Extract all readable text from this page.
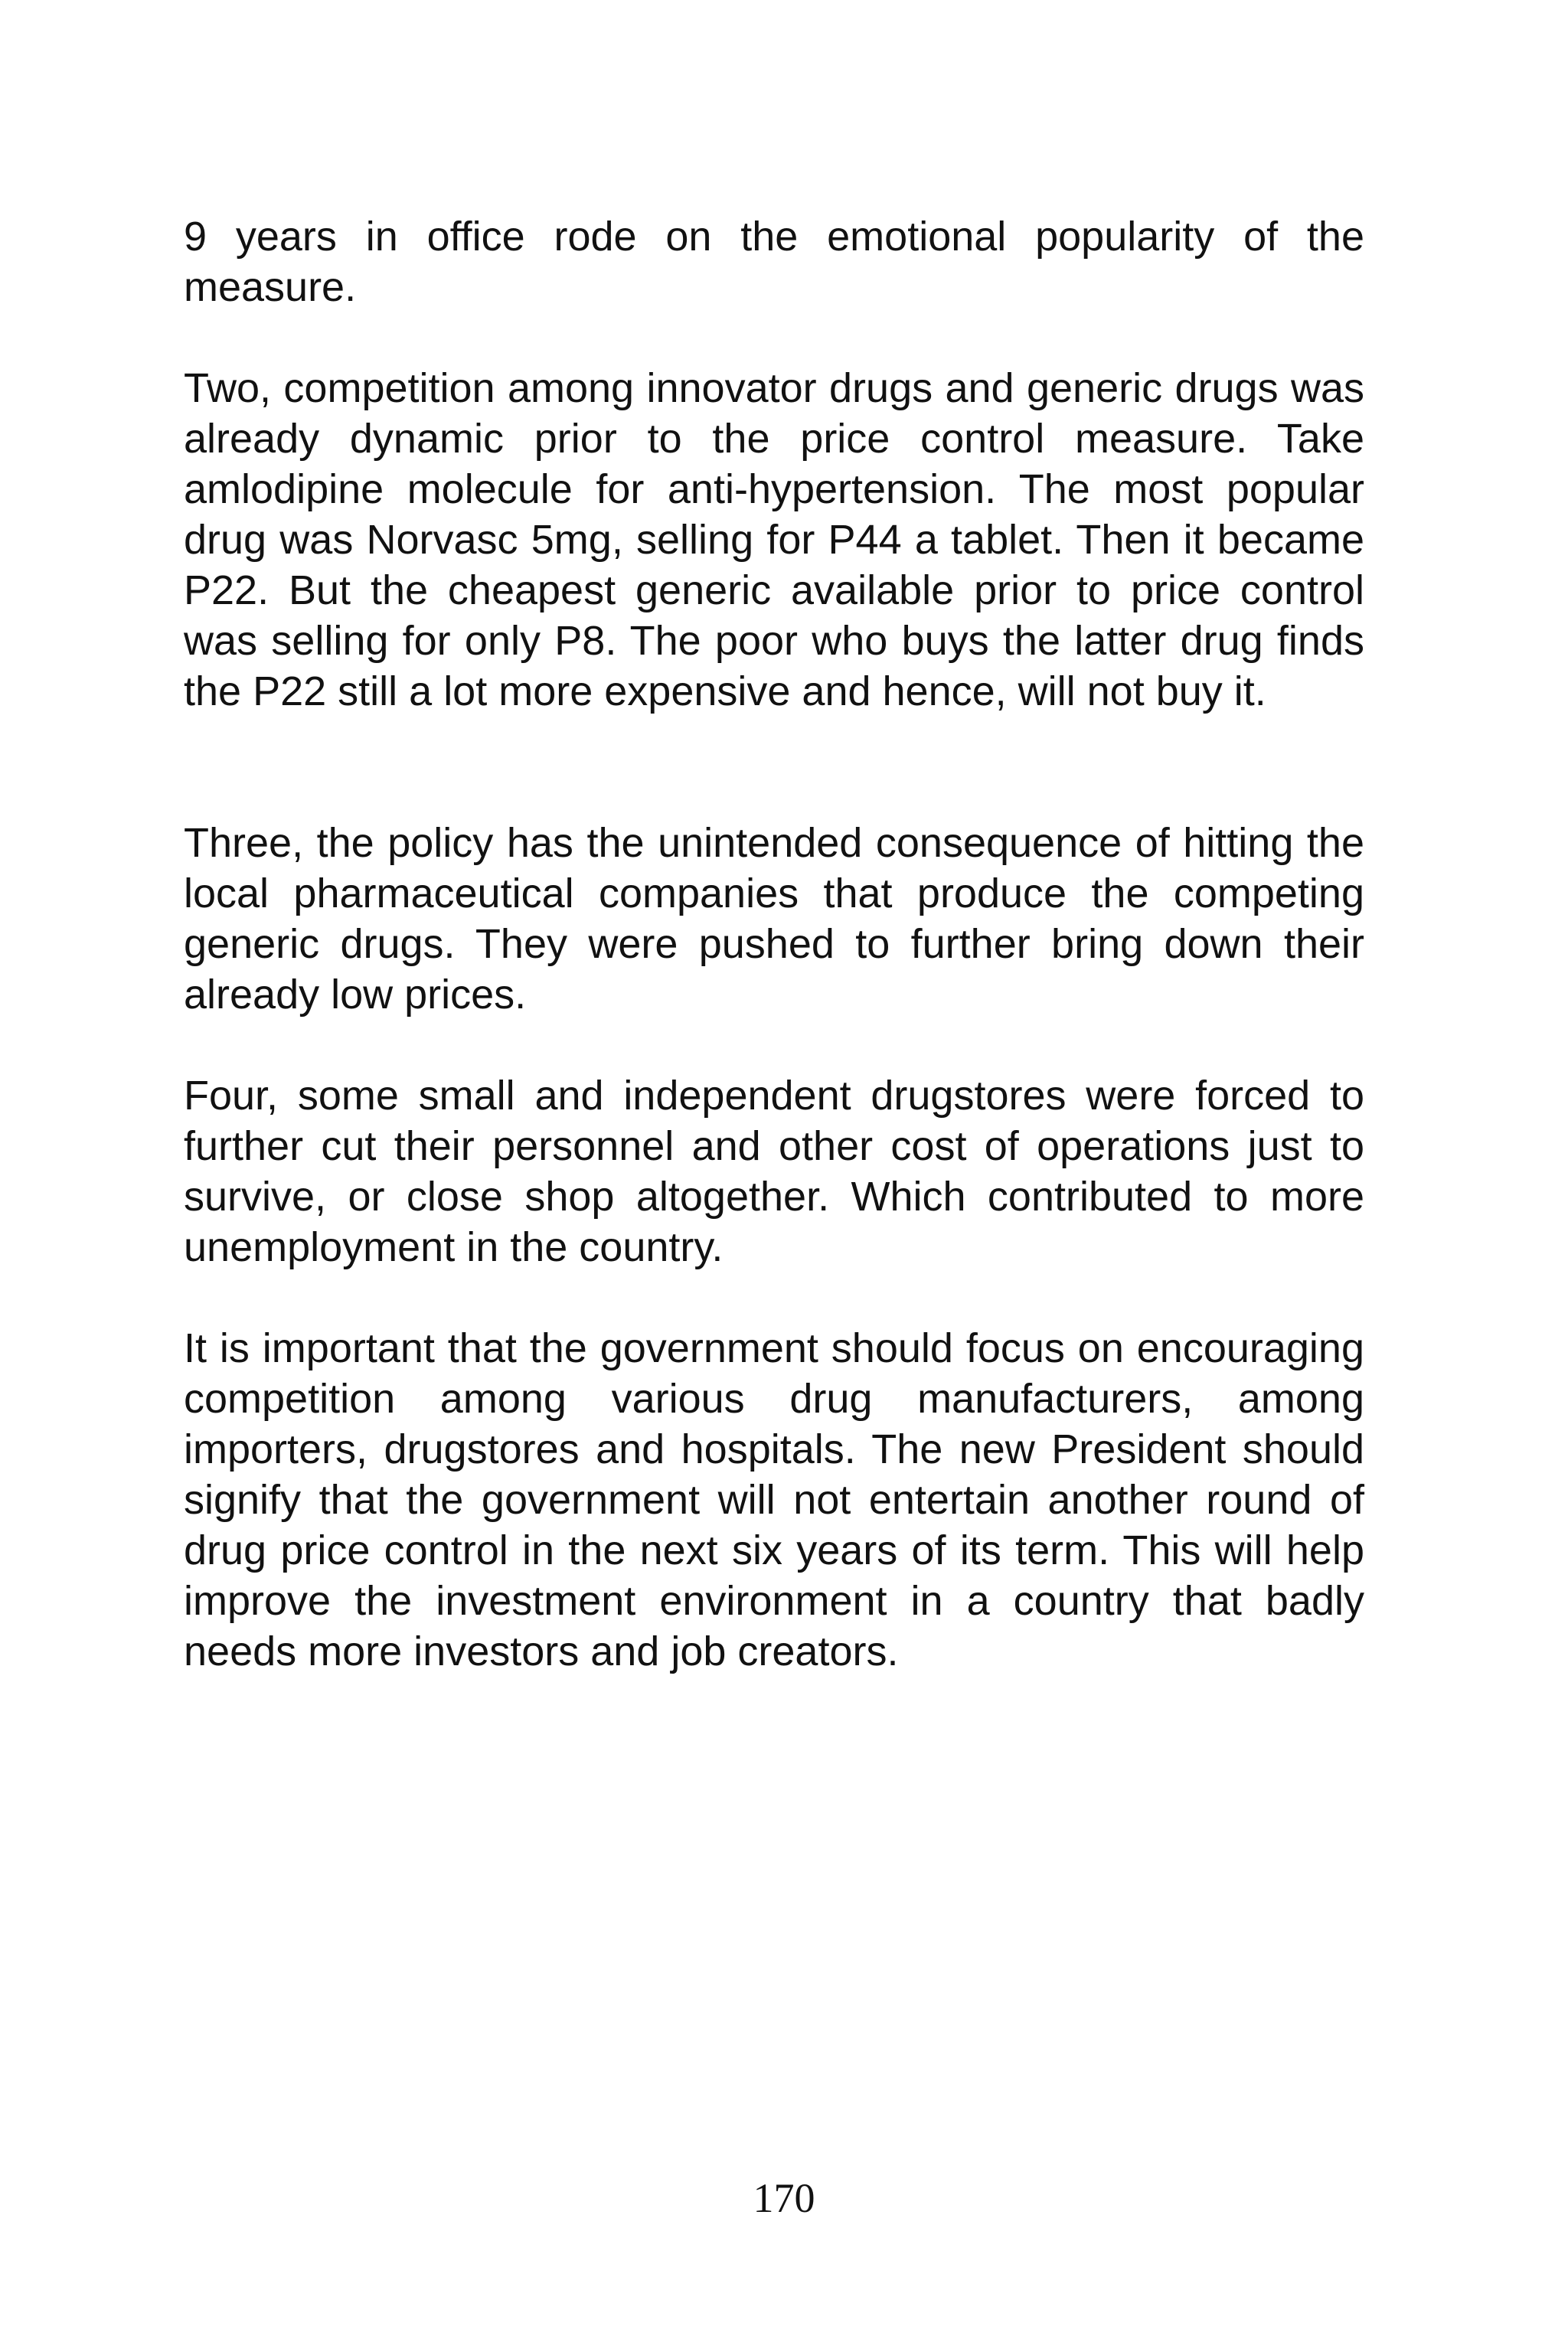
9 years in office rode on the emotional popularity of the measure.

Two, competition among innovator drugs and generic drugs was already dynamic prior to the price control measure. Take amlodipine molecule for anti-hypertension. The most popular drug was Norvasc 5mg, selling for P44 a tablet. Then it became P22. But the cheapest generic available prior to price control was selling for only P8. The poor who buys the latter drug finds the P22 still a lot more expensive and hence, will not buy it.

Three, the policy has the unintended consequence of hitting the local pharmaceutical companies that produce the competing generic drugs. They were pushed to further bring down their already low prices.

Four, some small and independent drugstores were forced to further cut their personnel and other cost of operations just to survive, or close shop altogether. Which contributed to more unemployment in the country.

It is important that the government should focus on encouraging competition among various drug manufacturers, among importers, drugstores and hospitals. The new President should signify that the government will not entertain another round of drug price control in the next six years of its term. This will help improve the investment environment in a country that badly needs more investors and job creators.

170
